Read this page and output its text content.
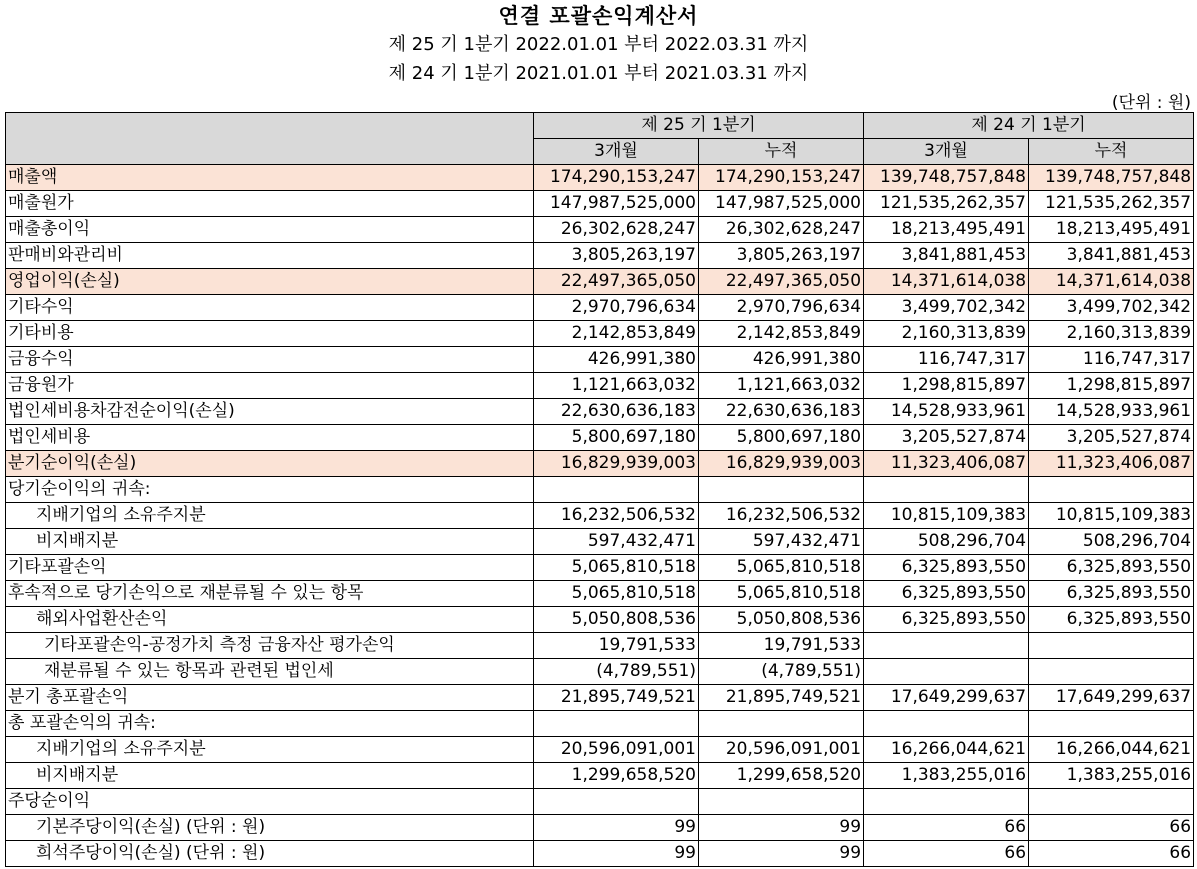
연결 포괄손익계산서
제 25 기 1분기 2022.01.01 부터 2022.03.31 까지
제 24 기 1분기 2021.01.01 부터 2021.03.31 까지
(단위 : 원)
	제 25 기 1분기		제 24 기 1분기	
	3개월	누적	3개월	누적
매출액	174,290,153,247	174,290,153,247	139,748,757,848	139,748,757,848
매출원가	147,987,525,000	147,987,525,000	121,535,262,357	121,535,262,357
매출총이익	26,302,628,247	26,302,628,247	18,213,495,491	18,213,495,491
판매비와관리비	3,805,263,197	3,805,263,197	3,841,881,453	3,841,881,453
영업이익(손실)	22,497,365,050	22,497,365,050	14,371,614,038	14,371,614,038
기타수익	2,970,796,634	2,970,796,634	3,499,702,342	3,499,702,342
기타비용	2,142,853,849	2,142,853,849	2,160,313,839	2,160,313,839
금융수익	426,991,380	426,991,380	116,747,317	116,747,317
금융원가	1,121,663,032	1,121,663,032	1,298,815,897	1,298,815,897
법인세비용차감전순이익(손실)	22,630,636,183	22,630,636,183	14,528,933,961	14,528,933,961
법인세비용	5,800,697,180	5,800,697,180	3,205,527,874	3,205,527,874
분기순이익(손실)	16,829,939,003	16,829,939,003	11,323,406,087	11,323,406,087
당기순이익의 귀속:				
지배기업의 소유주지분	16,232,506,532	16,232,506,532	10,815,109,383	10,815,109,383
비지배지분	597,432,471	597,432,471	508,296,704	508,296,704
기타포괄손익	5,065,810,518	5,065,810,518	6,325,893,550	6,325,893,550
후속적으로 당기손익으로 재분류될 수 있는 항목	5,065,810,518	5,065,810,518	6,325,893,550	6,325,893,550
해외사업환산손익	5,050,808,536	5,050,808,536	6,325,893,550	6,325,893,550
기타포괄손익-공정가치 측정 금융자산 평가손익	19,791,533	19,791,533		
재분류될 수 있는 항목과 관련된 법인세	(4,789,551)	(4,789,551)		
분기 총포괄손익	21,895,749,521	21,895,749,521	17,649,299,637	17,649,299,637
총 포괄손익의 귀속:				
지배기업의 소유주지분	20,596,091,001	20,596,091,001	16,266,044,621	16,266,044,621
비지배지분	1,299,658,520	1,299,658,520	1,383,255,016	1,383,255,016
주당순이익				
기본주당이익(손실) (단위 : 원)	99	99	66	66
희석주당이익(손실) (단위 : 원)	99	99	66	66
